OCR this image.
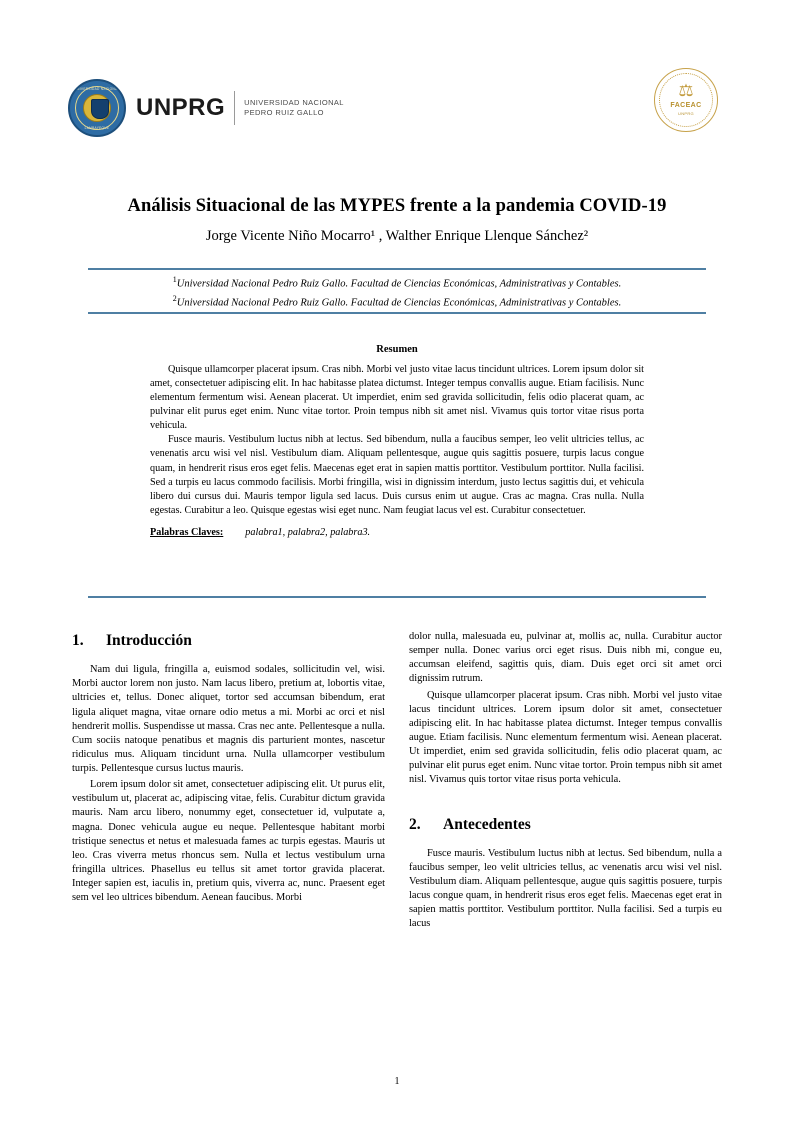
UNIVERSIDAD NACIONAL
LAMBAYEQUE
UNPRG	UNIVERSIDAD NACIONAL
PEDRO RUIZ GALLO
⚖
FACEAC
UNPRG
Análisis Situacional de las MYPES frente a la pandemia COVID-19
Jorge Vicente Niño Mocarro¹ , Walther Enrique Llenque Sánchez²
$^1$Universidad Nacional Pedro Ruiz Gallo. Facultad de Ciencias Económicas, Administrativas y Contables.
$^2$Universidad Nacional Pedro Ruiz Gallo. Facultad de Ciencias Económicas, Administrativas y Contables.
Resumen

Quisque ullamcorper placerat ipsum. Cras nibh. Morbi vel justo vitae lacus tincidunt ultrices. Lorem ipsum dolor sit amet, consectetuer adipiscing elit. In hac habitasse platea dictumst. Integer tempus convallis augue. Etiam facilisis. Nunc elementum fermentum wisi. Aenean placerat. Ut imperdiet, enim sed gravida sollicitudin, felis odio placerat quam, ac pulvinar elit purus eget enim. Nunc vitae tortor. Proin tempus nibh sit amet nisl. Vivamus quis tortor vitae risus porta vehicula.

Fusce mauris. Vestibulum luctus nibh at lectus. Sed bibendum, nulla a faucibus semper, leo velit ultricies tellus, ac venenatis arcu wisi vel nisl. Vestibulum diam. Aliquam pellentesque, augue quis sagittis posuere, turpis lacus congue quam, in hendrerit risus eros eget felis. Maecenas eget erat in sapien mattis porttitor. Vestibulum porttitor. Nulla facilisi. Sed a turpis eu lacus commodo facilisis. Morbi fringilla, wisi in dignissim interdum, justo lectus sagittis dui, et vehicula libero dui cursus dui. Mauris tempor ligula sed lacus. Duis cursus enim ut augue. Cras ac magna. Cras nulla. Nulla egestas. Curabitur a leo. Quisque egestas wisi eget nunc. Nam feugiat lacus vel est. Curabitur consectetuer.

Palabras Claves:	palabra1, palabra2, palabra3.
1.	Introducción

Nam dui ligula, fringilla a, euismod sodales, sollicitudin vel, wisi. Morbi auctor lorem non justo. Nam lacus libero, pretium at, lobortis vitae, ultricies et, tellus. Donec aliquet, tortor sed accumsan bibendum, erat ligula aliquet magna, vitae ornare odio metus a mi. Morbi ac orci et nisl hendrerit mollis. Suspendisse ut massa. Cras nec ante. Pellentesque a nulla. Cum sociis natoque penatibus et magnis dis parturient montes, nascetur ridiculus mus. Aliquam tincidunt urna. Nulla ullamcorper vestibulum turpis. Pellentesque cursus luctus mauris.

Lorem ipsum dolor sit amet, consectetuer adipiscing elit. Ut purus elit, vestibulum ut, placerat ac, adipiscing vitae, felis. Curabitur dictum gravida mauris. Nam arcu libero, nonummy eget, consectetuer id, vulputate a, magna. Donec vehicula augue eu neque. Pellentesque habitant morbi tristique senectus et netus et malesuada fames ac turpis egestas. Mauris ut leo. Cras viverra metus rhoncus sem. Nulla et lectus vestibulum urna fringilla ultrices. Phasellus eu tellus sit amet tortor gravida placerat. Integer sapien est, iaculis in, pretium quis, viverra ac, nunc. Praesent eget sem vel leo ultrices bibendum. Aenean faucibus. Morbi

dolor nulla, malesuada eu, pulvinar at, mollis ac, nulla. Curabitur auctor semper nulla. Donec varius orci eget risus. Duis nibh mi, congue eu, accumsan eleifend, sagittis quis, diam. Duis eget orci sit amet orci dignissim rutrum.

Quisque ullamcorper placerat ipsum. Cras nibh. Morbi vel justo vitae lacus tincidunt ultrices. Lorem ipsum dolor sit amet, consectetuer adipiscing elit. In hac habitasse platea dictumst. Integer tempus convallis augue. Etiam facilisis. Nunc elementum fermentum wisi. Aenean placerat. Ut imperdiet, enim sed gravida sollicitudin, felis odio placerat quam, ac pulvinar elit purus eget enim. Nunc vitae tortor. Proin tempus nibh sit amet nisl. Vivamus quis tortor vitae risus porta vehicula.

2.	Antecedentes

Fusce mauris. Vestibulum luctus nibh at lectus. Sed bibendum, nulla a faucibus semper, leo velit ultricies tellus, ac venenatis arcu wisi vel nisl. Vestibulum diam. Aliquam pellentesque, augue quis sagittis posuere, turpis lacus congue quam, in hendrerit risus eros eget felis. Maecenas eget erat in sapien mattis porttitor. Vestibulum porttitor. Nulla facilisi. Sed a turpis eu lacus

1
